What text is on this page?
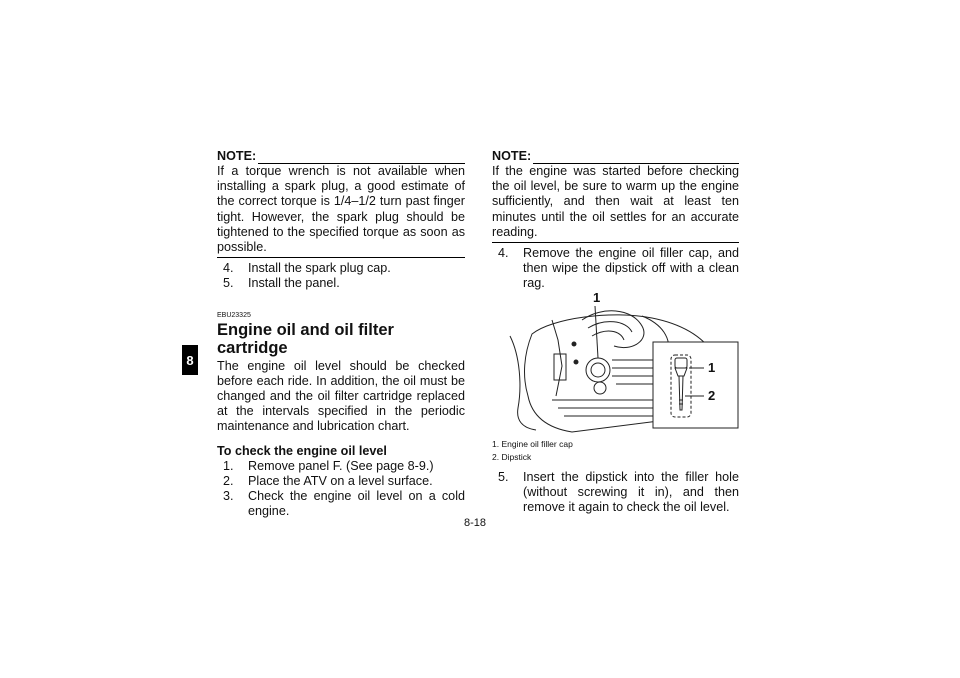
8
NOTE:

If a torque wrench is not available when installing a spark plug, a good estimate of the correct torque is 1/4–1/2 turn past finger tight. However, the spark plug should be tightened to the specified torque as soon as possible.

4.	Install the spark plug cap.
5.	Install the panel.
EBU23325
Engine oil and oil filter cartridge

The engine oil level should be checked before each ride. In addition, the oil must be changed and the oil filter cartridge replaced at the intervals specified in the periodic maintenance and lubrication chart.

To check the engine oil level
1.	Remove panel F. (See page 8-9.)
2.	Place the ATV on a level surface.
3.	Check the engine oil level on a cold engine.
NOTE:

If the engine was started before checking the oil level, be sure to warm up the engine sufficiently, and then wait at least ten minutes until the oil settles for an accurate reading.

4.	Remove the engine oil filler cap, and then wipe the dipstick off with a clean rag.
1
1
2
1. Engine oil filler cap
2. Dipstick
5.	Insert the dipstick into the filler hole (without screwing it in), and then remove it again to check the oil level.
8-18
